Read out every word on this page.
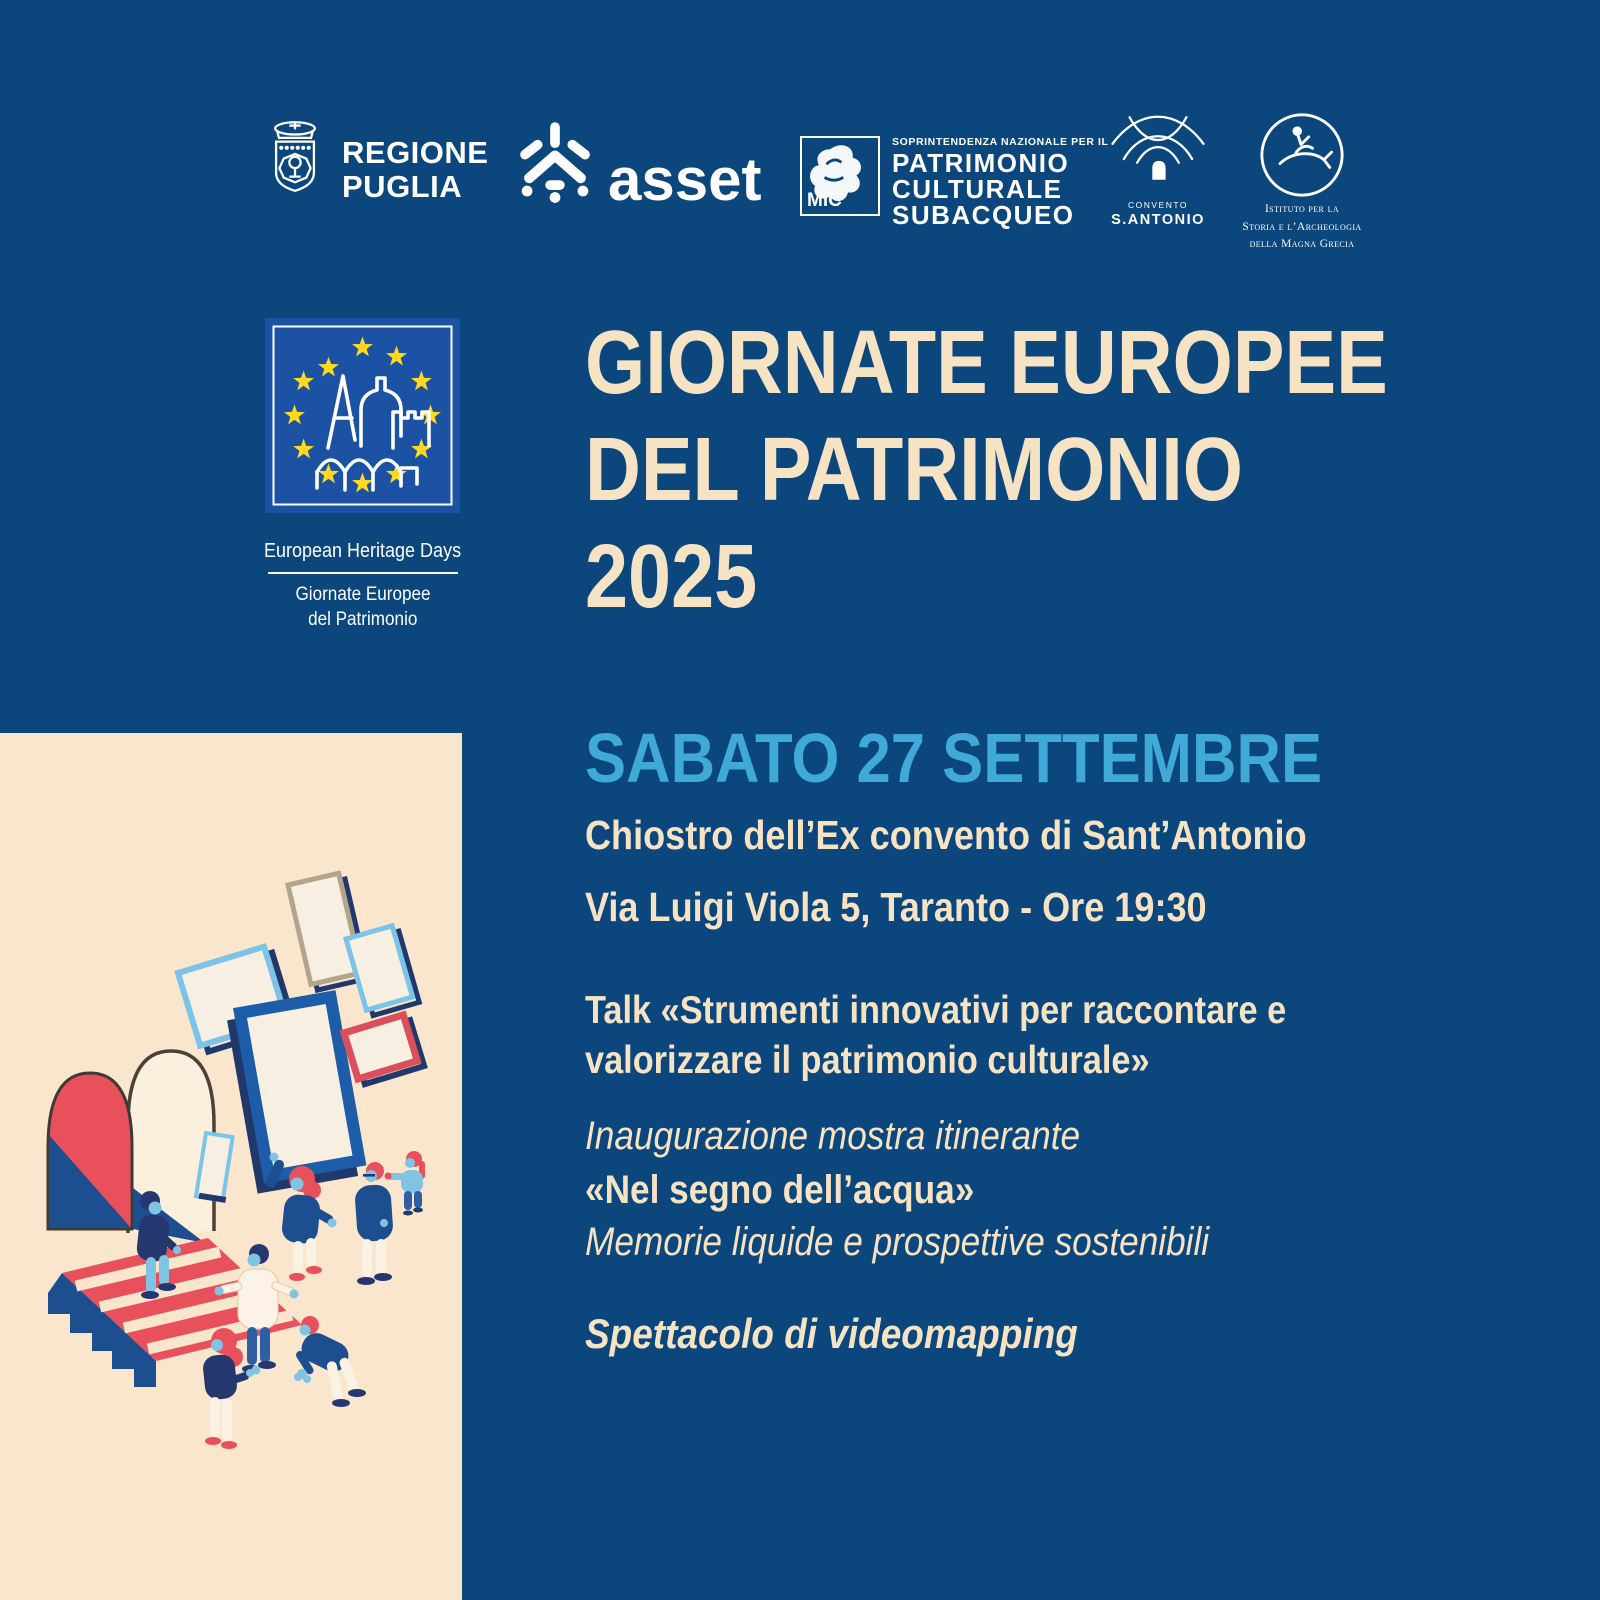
REGIONE
PUGLIA	asset MiC
SOPRINTENDENZA NAZIONALE PER IL
PATRIMONIO
CULTURALE
SUBACQUEO	CONVENTO
S.ANTONIO
Istituto per la
Storia e l’Archeologia
della Magna Grecia
European Heritage Days
Giornate Europee
del Patrimonio
GIORNATE EUROPEE
DEL PATRIMONIO
2025
SABATO 27 SETTEMBRE
Chiostro dell’Ex convento di Sant’Antonio
Via Luigi Viola 5, Taranto - Ore 19:30
Talk «Strumenti innovativi per raccontare e
valorizzare il patrimonio culturale»
Inaugurazione mostra itinerante
«Nel segno dell’acqua»
Memorie liquide e prospettive sostenibili
Spettacolo di videomapping
